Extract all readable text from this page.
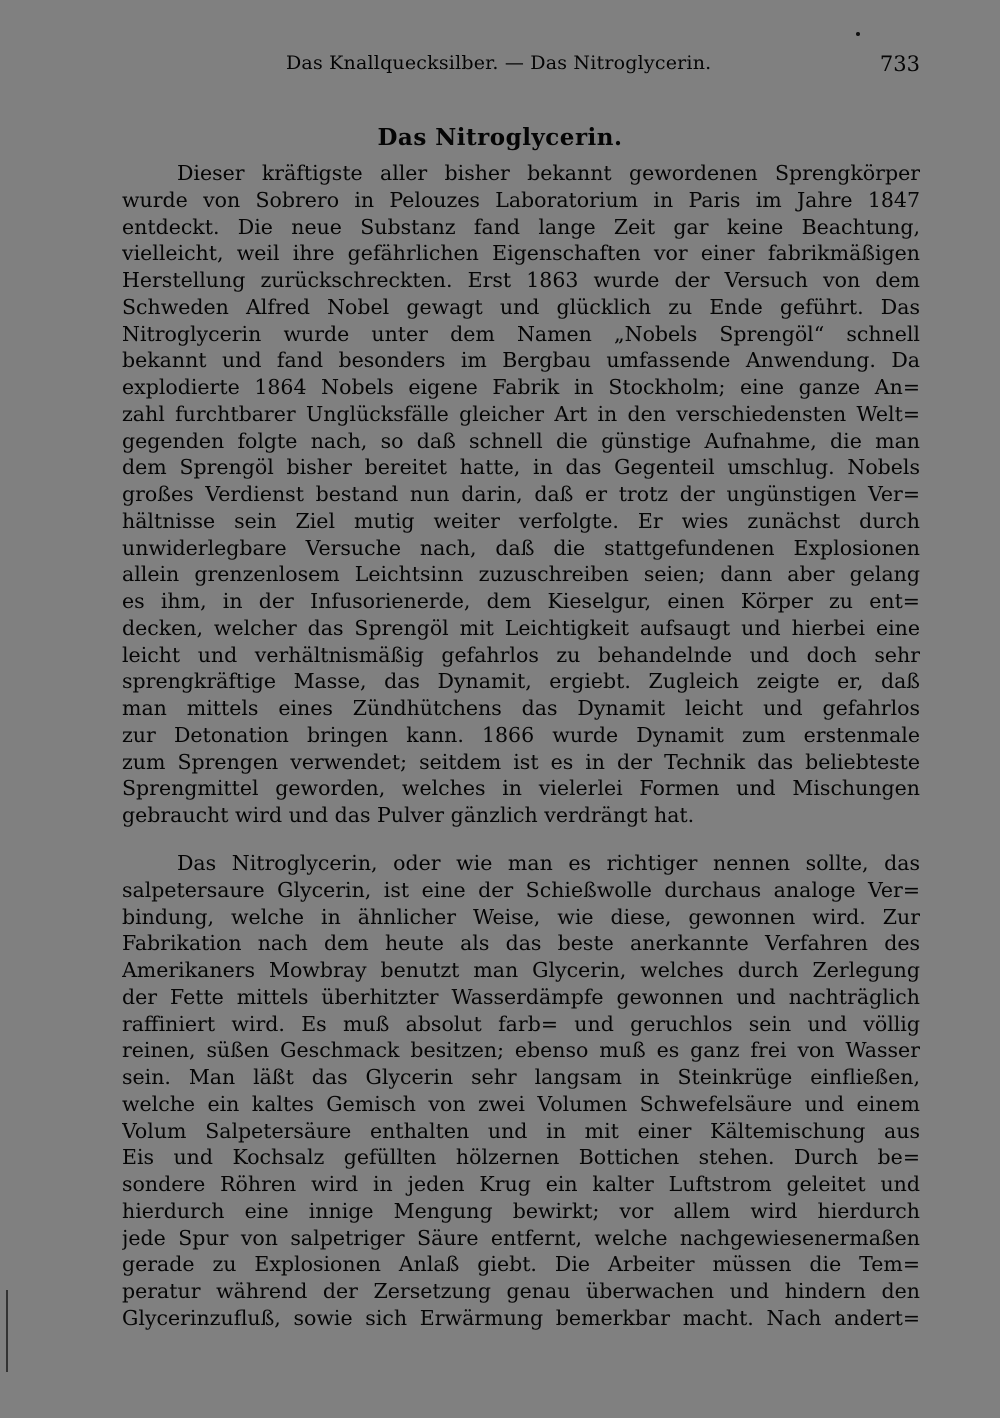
Das Knallquecksilber. — Das Nitroglycerin.	733
Das Nitroglycerin.
Dieser kräftigste aller bisher bekannt gewordenen Sprengkörper
wurde von Sobrero in Pelouzes Laboratorium in Paris im Jahre 1847
entdeckt. Die neue Substanz fand lange Zeit gar keine Beachtung,
vielleicht, weil ihre gefährlichen Eigenschaften vor einer fabrikmäßigen
Herstellung zurückschreckten. Erst 1863 wurde der Versuch von dem
Schweden Alfred Nobel gewagt und glücklich zu Ende geführt. Das
Nitroglycerin wurde unter dem Namen „Nobels Sprengöl“ schnell
bekannt und fand besonders im Bergbau umfassende Anwendung. Da
explodierte 1864 Nobels eigene Fabrik in Stockholm; eine ganze An=
zahl furchtbarer Unglücksfälle gleicher Art in den verschiedensten Welt=
gegenden folgte nach, so daß schnell die günstige Aufnahme, die man
dem Sprengöl bisher bereitet hatte, in das Gegenteil umschlug. Nobels
großes Verdienst bestand nun darin, daß er trotz der ungünstigen Ver=
hältnisse sein Ziel mutig weiter verfolgte. Er wies zunächst durch
unwiderlegbare Versuche nach, daß die stattgefundenen Explosionen
allein grenzenlosem Leichtsinn zuzuschreiben seien; dann aber gelang
es ihm, in der Infusorienerde, dem Kieselgur, einen Körper zu ent=
decken, welcher das Sprengöl mit Leichtigkeit aufsaugt und hierbei eine
leicht und verhältnismäßig gefahrlos zu behandelnde und doch sehr
sprengkräftige Masse, das Dynamit, ergiebt. Zugleich zeigte er, daß
man mittels eines Zündhütchens das Dynamit leicht und gefahrlos
zur Detonation bringen kann. 1866 wurde Dynamit zum erstenmale
zum Sprengen verwendet; seitdem ist es in der Technik das beliebteste
Sprengmittel geworden, welches in vielerlei Formen und Mischungen
gebraucht wird und das Pulver gänzlich verdrängt hat.
Das Nitroglycerin, oder wie man es richtiger nennen sollte, das
salpetersaure Glycerin, ist eine der Schießwolle durchaus analoge Ver=
bindung, welche in ähnlicher Weise, wie diese, gewonnen wird. Zur
Fabrikation nach dem heute als das beste anerkannte Verfahren des
Amerikaners Mowbray benutzt man Glycerin, welches durch Zerlegung
der Fette mittels überhitzter Wasserdämpfe gewonnen und nachträglich
raffiniert wird. Es muß absolut farb= und geruchlos sein und völlig
reinen, süßen Geschmack besitzen; ebenso muß es ganz frei von Wasser
sein. Man läßt das Glycerin sehr langsam in Steinkrüge einfließen,
welche ein kaltes Gemisch von zwei Volumen Schwefelsäure und einem
Volum Salpetersäure enthalten und in mit einer Kältemischung aus
Eis und Kochsalz gefüllten hölzernen Bottichen stehen. Durch be=
sondere Röhren wird in jeden Krug ein kalter Luftstrom geleitet und
hierdurch eine innige Mengung bewirkt; vor allem wird hierdurch
jede Spur von salpetriger Säure entfernt, welche nachgewiesenermaßen
gerade zu Explosionen Anlaß giebt. Die Arbeiter müssen die Tem=
peratur während der Zersetzung genau überwachen und hindern den
Glycerinzufluß, sowie sich Erwärmung bemerkbar macht. Nach andert=
